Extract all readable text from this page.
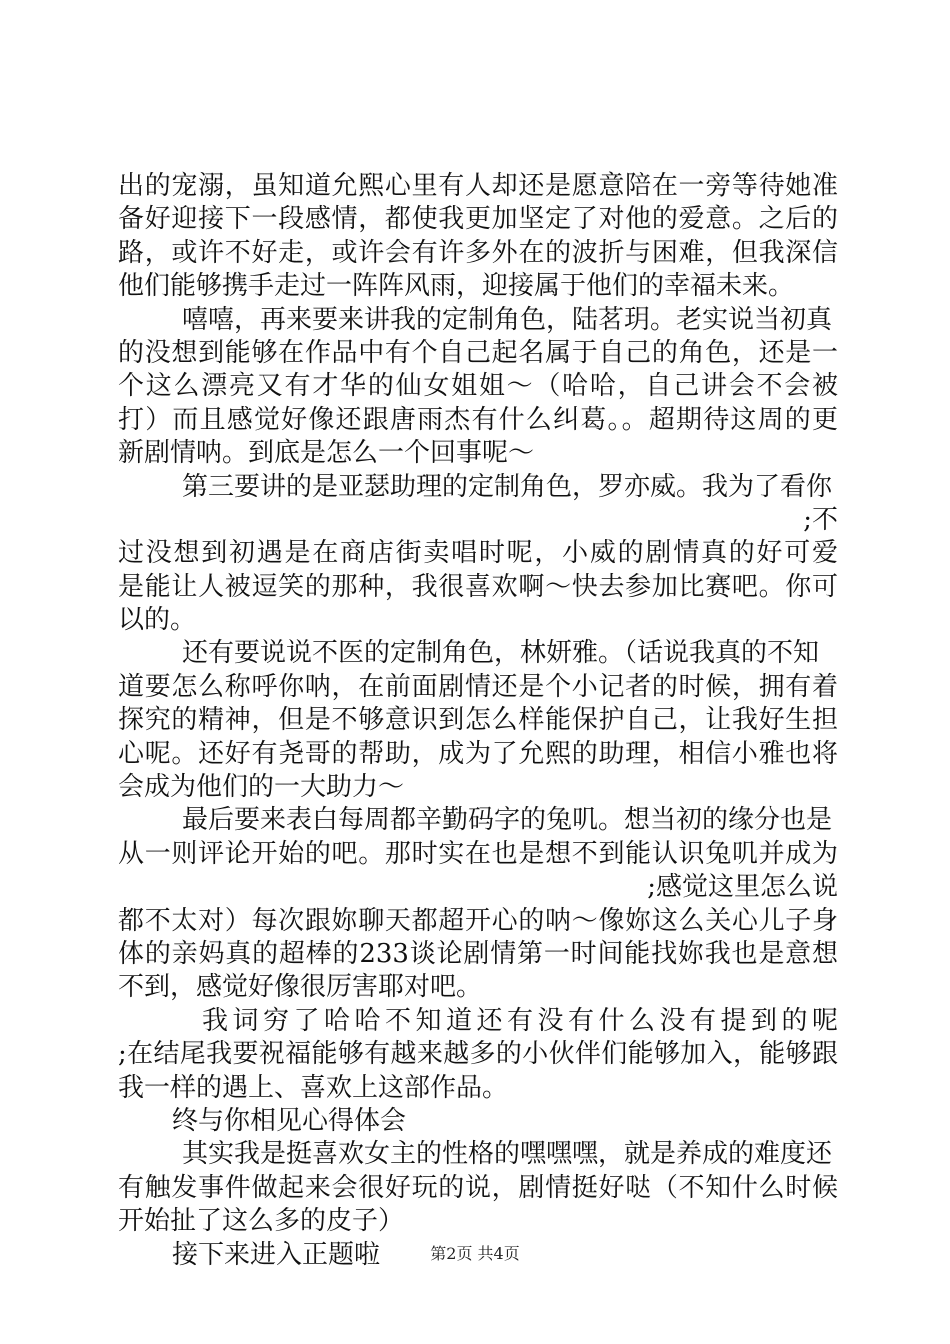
出的宠溺，虽知道允熙心里有人却还是愿意陪在一旁等待她准
备好迎接下一段感情，都使我更加坚定了对他的爱意。之后的
路，或许不好走，或许会有许多外在的波折与困难，但我深信
他们能够携手走过一阵阵风雨，迎接属于他们的幸福未来。
嘻嘻，再来要来讲我的定制角色，陆茗玥。老实说当初真
的没想到能够在作品中有个自己起名属于自己的角色，还是一
个这么漂亮又有才华的仙女姐姐～（哈哈，自己讲会不会被
打）而且感觉好像还跟唐雨杰有什么纠葛。。超期待这周的更
新剧情呐。到底是怎么一个回事呢～
第三要讲的是亚瑟助理的定制角色，罗亦威。我为了看你

;不

过没想到初遇是在商店街卖唱时呢，小威的剧情真的好可爱
是能让人被逗笑的那种，我很喜欢啊～快去参加比赛吧。你可
以的。
还有要说说不医的定制角色，林妍雅。（话说我真的不知
道要怎么称呼你呐，在前面剧情还是个小记者的时候，拥有着
探究的精神，但是不够意识到怎么样能保护自己，让我好生担
心呢。还好有尧哥的帮助，成为了允熙的助理，相信小雅也将
会成为他们的一大助力～
最后要来表白每周都辛勤码字的兔叽。想当初的缘分也是
从一则评论开始的吧。那时实在也是想不到能认识兔叽并成为

;感觉这里怎么说

都不太对）每次跟妳聊天都超开心的呐～像妳这么关心儿子身
体的亲妈真的超棒的233谈论剧情第一时间能找妳我也是意想
不到，感觉好像很厉害耶对吧。
我词穷了哈哈不知道还有没有什么没有提到的呢
;在结尾我要祝福能够有越来越多的小伙伴们能够加入，能够跟
我一样的遇上、喜欢上这部作品。
终与你相见心得体会
其实我是挺喜欢女主的性格的嘿嘿嘿，就是养成的难度还
有触发事件做起来会很好玩的说，剧情挺好哒（不知什么时候
开始扯了这么多的皮子）
接下来进入正题啦	第2页 共4页
